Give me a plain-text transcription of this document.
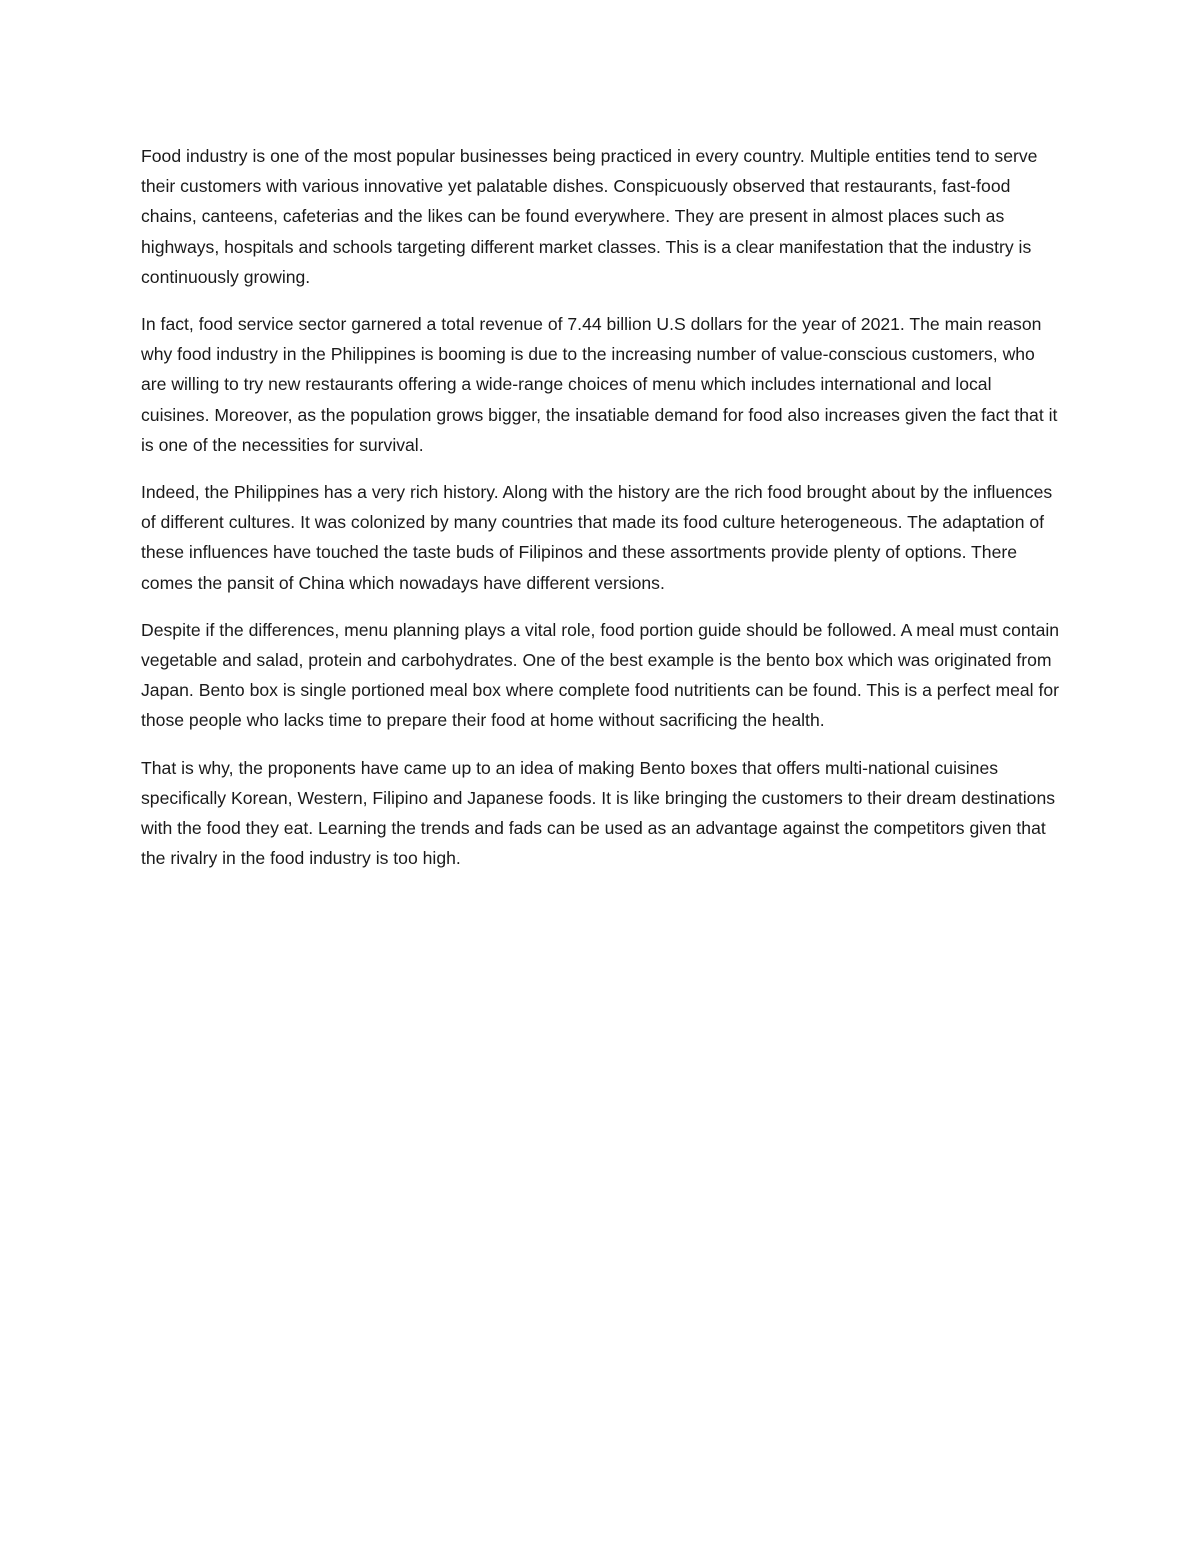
Food industry is one of the most popular businesses being practiced in every country. Multiple entities tend to serve their customers with various innovative yet palatable dishes. Conspicuously observed that restaurants, fast-food chains, canteens, cafeterias and the likes can be found everywhere. They are present in almost places such as highways, hospitals and schools targeting different market classes. This is a clear manifestation that the industry is continuously growing.

In fact, food service sector garnered a total revenue of 7.44 billion U.S dollars for the year of 2021. The main reason why food industry in the Philippines is booming is due to the increasing number of value-conscious customers, who are willing to try new restaurants offering a wide-range choices of menu which includes international and local cuisines. Moreover, as the population grows bigger, the insatiable demand for food also increases given the fact that it is one of the necessities for survival.

Indeed, the Philippines has a very rich history. Along with the history are the rich food brought about by the influences of different cultures. It was colonized by many countries that made its food culture heterogeneous. The adaptation of these influences have touched the taste buds of Filipinos and these assortments provide plenty of options. There comes the pansit of China which nowadays have different versions.

Despite if the differences, menu planning plays a vital role, food portion guide should be followed. A meal must contain vegetable and salad, protein and carbohydrates. One of the best example is the bento box which was originated from Japan. Bento box is single portioned meal box where complete food nutritients can be found. This is a perfect meal for those people who lacks time to prepare their food at home without sacrificing the health.

That is why, the proponents have came up to an idea of making Bento boxes that offers multi-national cuisines specifically Korean, Western, Filipino and Japanese foods. It is like bringing the customers to their dream destinations with the food they eat. Learning the trends and fads can be used as an advantage against the competitors given that the rivalry in the food industry is too high.
